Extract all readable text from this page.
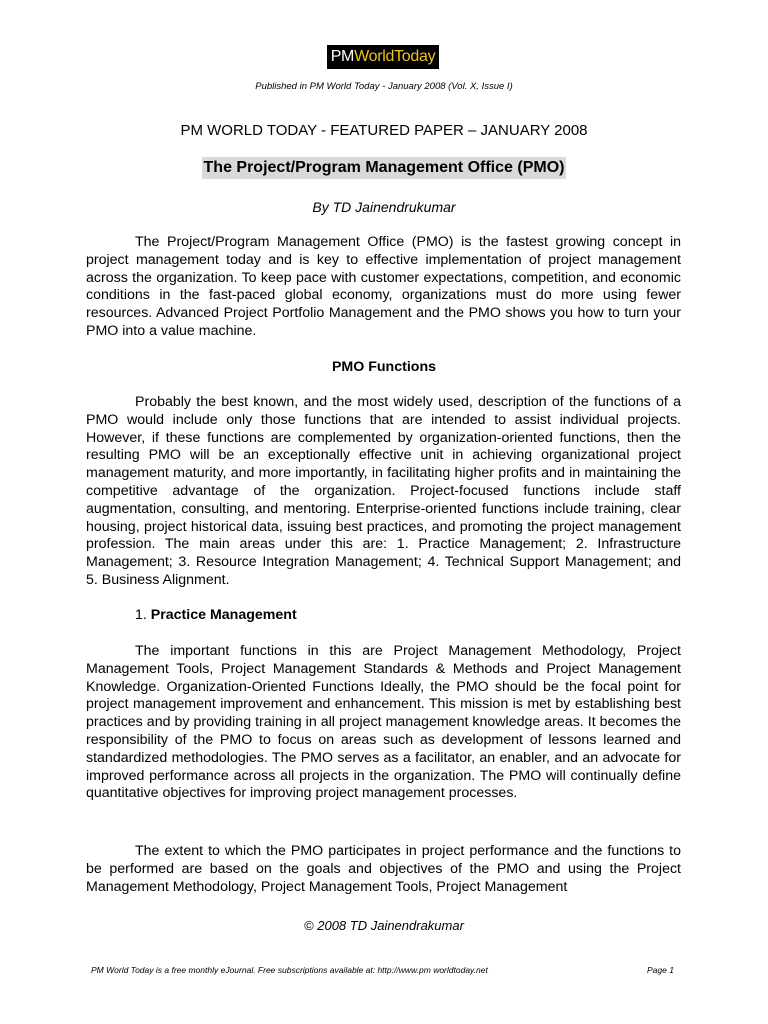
PM World Today
Published in PM World Today - January 2008 (Vol. X, Issue I)
PM WORLD TODAY - FEATURED PAPER – JANUARY 2008
The Project/Program Management Office (PMO)
By TD Jainendrukumar

The Project/Program Management Office (PMO) is the fastest growing concept in project management today and is key to effective implementation of project management across the organization. To keep pace with customer expectations, competition, and economic conditions in the fast-paced global economy, organizations must do more using fewer resources. Advanced Project Portfolio Management and the PMO shows you how to turn your PMO into a value machine.

PMO Functions

Probably the best known, and the most widely used, description of the functions of a PMO would include only those functions that are intended to assist individual projects. However, if these functions are complemented by organization-oriented functions, then the resulting PMO will be an exceptionally effective unit in achieving organizational project management maturity, and more importantly, in facilitating higher profits and in maintaining the competitive advantage of the organization. Project-focused functions include staff augmentation, consulting, and mentoring. Enterprise-oriented functions include training, clear housing, project historical data, issuing best practices, and promoting the project management profession. The main areas under this are: 1. Practice Management; 2. Infrastructure Management; 3. Resource Integration Management; 4. Technical Support Management; and 5. Business Alignment.

1. Practice Management

The important functions in this are Project Management Methodology, Project Management Tools, Project Management Standards & Methods and Project Management Knowledge. Organization-Oriented Functions Ideally, the PMO should be the focal point for project management improvement and enhancement. This mission is met by establishing best practices and by providing training in all project management knowledge areas. It becomes the responsibility of the PMO to focus on areas such as development of lessons learned and standardized methodologies. The PMO serves as a facilitator, an enabler, and an advocate for improved performance across all projects in the organization. The PMO will continually define quantitative objectives for improving project management processes.

The extent to which the PMO participates in project performance and the functions to be performed are based on the goals and objectives of the PMO and using the Project Management Methodology, Project Management Tools, Project Management

© 2008 TD Jainendrakumar
PM World Today is a free monthly eJournal. Free subscriptions available at: http://www.pm worldtoday.net	Page 1
